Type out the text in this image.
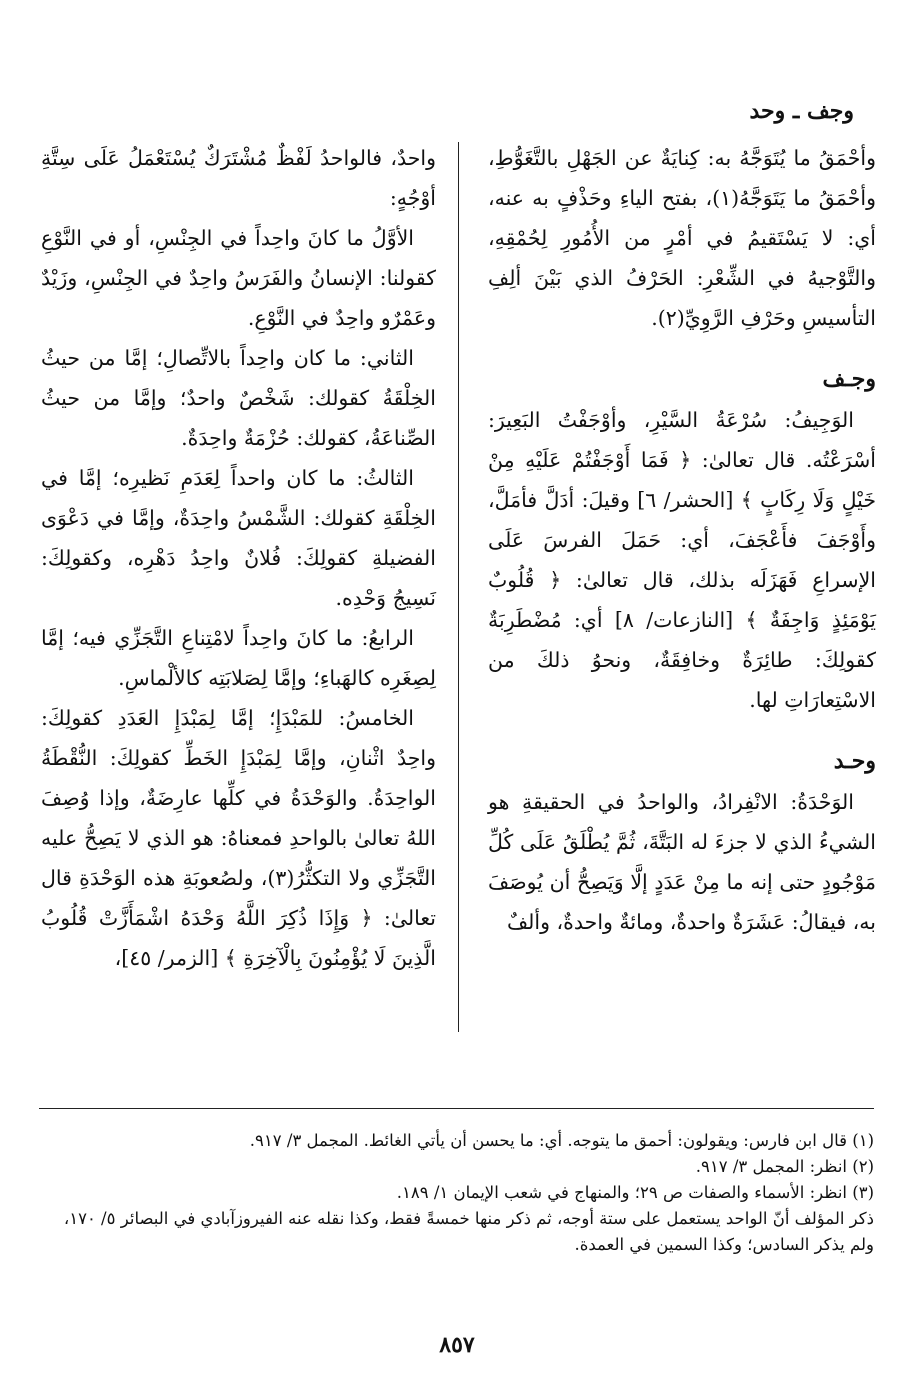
وجف ـ وحد

وأحْمَقُ ما يُتَوَجَّهُ به: كِنايَةٌ عن الجَهْلِ بالتَّغَوُّطِ، وأحْمَقُ ما يَتَوَجَّهُ(١)، بفتح الياءِ وحَذْفٍ به عنه، أي: لا يَسْتَقيمُ في أمْرٍ من الأُمُورِ لِحُمْقِهِ، والتَّوْجيهُ في الشِّعْرِ: الحَرْفُ الذي بَيْنَ ألِفِ التأسيسِ وحَرْفِ الرَّوِيِّ(٢).

وجـف

الوَجِيفُ: سُرْعَةُ السَّيْرِ، وأوْجَفْتُ البَعِيرَ: أسْرَعْتُه. قال تعالىٰ: ﴿ فَمَا أَوْجَفْتُمْ عَلَيْهِ مِنْ خَيْلٍ وَلَا رِكَابٍ ﴾ [الحشر/ ٦] وقيلَ: أدَلَّ فأمَلَّ، وأَوْجَفَ فأَعْجَفَ، أي: حَمَلَ الفرسَ عَلَى الإسراعِ فَهَزَلَه بذلك، قال تعالىٰ: ﴿ قُلُوبٌ يَوْمَئِذٍ وَاجِفَةٌ ﴾ [النازعات/ ٨] أي: مُضْطَرِبَةٌ كقولِكَ: طائِرَةٌ وخافِقَةٌ، ونحوُ ذلكَ من الاسْتِعارَاتِ لها.

وحـد

الوَحْدَةُ: الانْفِرادُ، والواحدُ في الحقيقةِ هو الشيءُ الذي لا جزءَ له البَتَّةَ، ثُمَّ يُطْلَقُ عَلَى كُلِّ مَوْجُودٍ حتى إنه ما مِنْ عَدَدٍ إلَّا وَيَصِحُّ أن يُوصَفَ به، فيقالُ: عَشَرَةٌ واحدةٌ، ومائةٌ واحدةٌ، وألفٌ

واحدٌ، فالواحدُ لَفْظٌ مُشْتَرَكٌ يُسْتَعْمَلُ عَلَى سِتَّةِ أوْجُهٍ:

الأوَّلُ ما كانَ واحِداً في الجِنْسِ، أو في النَّوْعِ كقولنا: الإنسانُ والفَرَسُ واحِدٌ في الجِنْسِ، وزَيْدٌ وعَمْرٌو واحِدٌ في النَّوْعِ.

الثاني: ما كان واحِداً بالاتِّصالِ؛ إمَّا من حيثُ الخِلْقَةُ كقولك: شَخْصٌ واحدٌ؛ وإمَّا من حيثُ الصِّناعَةُ، كقولك: حُزْمَةٌ واحِدَةٌ.

الثالثُ: ما كان واحداً لِعَدَمِ نَظيرِه؛ إمَّا في الخِلْقَةِ كقولك: الشَّمْسُ واحِدَةٌ، وإمَّا في دَعْوَى الفضيلةِ كقولِكَ: فُلانٌ واحِدُ دَهْرِه، وكقولِكَ: نَسِيجُ وَحْدِه.

الرابعُ: ما كانَ واحِداً لامْتِناعِ التَّجَزِّي فيه؛ إمَّا لِصِغَرِه كالهَباءِ؛ وإمَّا لِصَلابَتِه كالألْماسِ.

الخامسُ: للمَبْدَإِ؛ إمَّا لِمَبْدَإِ العَدَدِ كقولِكَ: واحِدٌ اثْنانِ، وإمَّا لِمَبْدَإِ الخَطِّ كقولِكَ: النُّقْطَةُ الواحِدَةُ. والوَحْدَةُ في كلِّها عارِضَةٌ، وإذا وُصِفَ اللهُ تعالىٰ بالواحدِ فمعناهُ: هو الذي لا يَصِحُّ عليه التَّجَزِّي ولا التكثُّرُ(٣)، ولصُعوبَةِ هذه الوَحْدَةِ قال تعالىٰ: ﴿ وَإِذَا ذُكِرَ اللَّهُ وَحْدَهُ اشْمَأَزَّتْ قُلُوبُ الَّذِينَ لَا يُؤْمِنُونَ بِالْآخِرَةِ ﴾ [الزمر/ ٤٥]،

(١) قال ابن فارس: ويقولون: أحمق ما يتوجه. أي: ما يحسن أن يأتي الغائط. المجمل ٣/ ٩١٧.

(٢) انظر: المجمل ٣/ ٩١٧.

(٣) انظر: الأسماء والصفات ص ٢٩؛ والمنهاج في شعب الإيمان ١/ ١٨٩.

ذكر المؤلف أنّ الواحد يستعمل على ستة أوجه، ثم ذكر منها خمسةً فقط، وكذا نقله عنه الفيروزآبادي في البصائر ٥/ ١٧٠، ولم يذكر السادس؛ وكذا السمين في العمدة.

٨٥٧
